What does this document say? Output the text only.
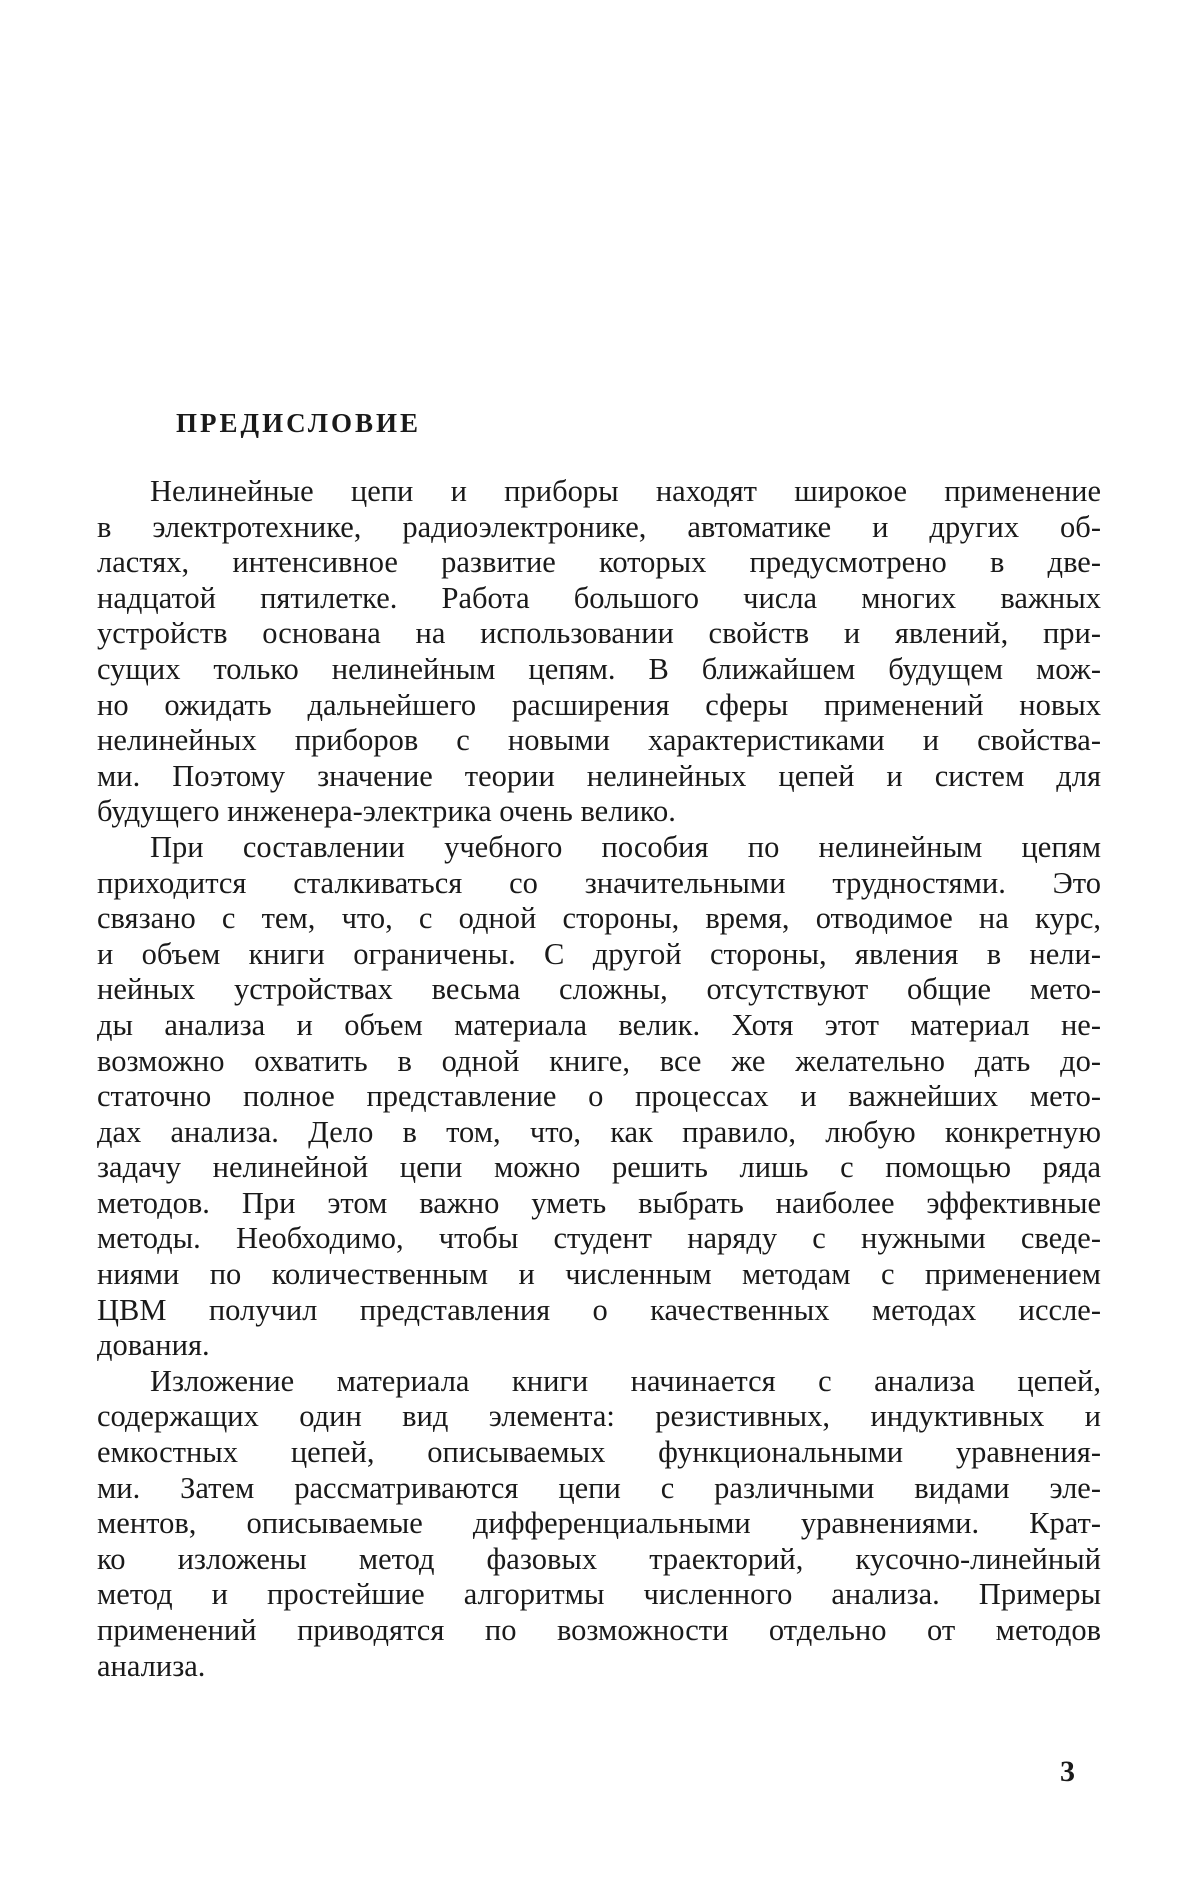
ПРЕДИСЛОВИЕ
Нелинейные цепи и приборы находят широкое применение
в электротехнике, радиоэлектронике, автоматике и других об-
ластях, интенсивное развитие которых предусмотрено в две-
надцатой пятилетке. Работа большого числа многих важных
устройств основана на использовании свойств и явлений, при-
сущих только нелинейным цепям. В ближайшем будущем мож-
но ожидать дальнейшего расширения сферы применений новых
нелинейных приборов с новыми характеристиками и свойства-
ми. Поэтому значение теории нелинейных цепей и систем для
будущего инженера-электрика очень велико.
При составлении учебного пособия по нелинейным цепям
приходится сталкиваться со значительными трудностями. Это
связано с тем, что, с одной стороны, время, отводимое на курс,
и объем книги ограничены. С другой стороны, явления в нели-
нейных устройствах весьма сложны, отсутствуют общие мето-
ды анализа и объем материала велик. Хотя этот материал не-
возможно охватить в одной книге, все же желательно дать до-
статочно полное представление о процессах и важнейших мето-
дах анализа. Дело в том, что, как правило, любую конкретную
задачу нелинейной цепи можно решить лишь с помощью ряда
методов. При этом важно уметь выбрать наиболее эффективные
методы. Необходимо, чтобы студент наряду с нужными сведе-
ниями по количественным и численным методам с применением
ЦВМ получил представления о качественных методах иссле-
дования.
Изложение материала книги начинается с анализа цепей,
содержащих один вид элемента: резистивных, индуктивных и
емкостных цепей, описываемых функциональными уравнения-
ми. Затем рассматриваются цепи с различными видами эле-
ментов, описываемые дифференциальными уравнениями. Крат-
ко изложены метод фазовых траекторий, кусочно-линейный
метод и простейшие алгоритмы численного анализа. Примеры
применений приводятся по возможности отдельно от методов
анализа.
3
